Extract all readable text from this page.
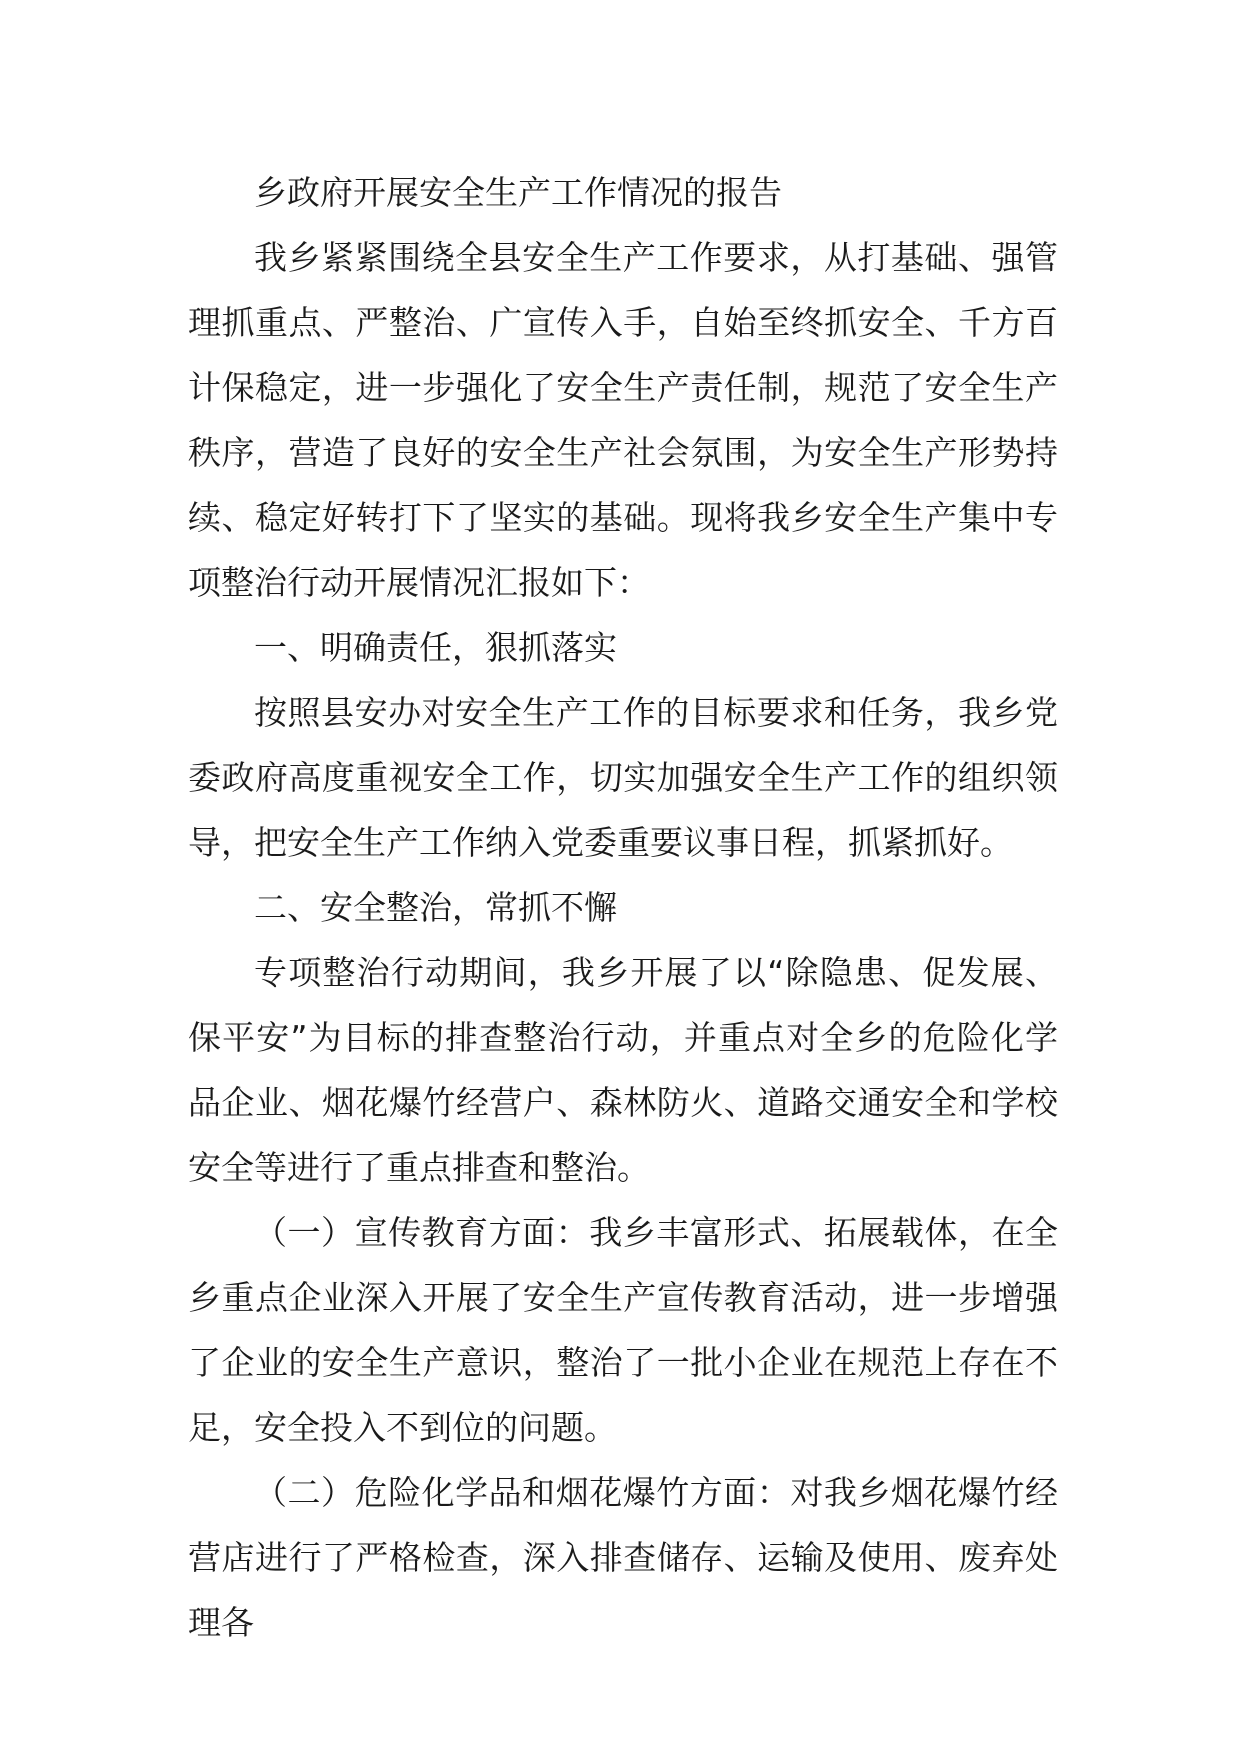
乡政府开展安全生产工作情况的报告

我乡紧紧围绕全县安全生产工作要求，从打基础、强管理抓重点、严整治、广宣传入手，自始至终抓安全、千方百计保稳定，进一步强化了安全生产责任制，规范了安全生产秩序，营造了良好的安全生产社会氛围，为安全生产形势持续、稳定好转打下了坚实的基础。现将我乡安全生产集中专项整治行动开展情况汇报如下：

一、明确责任，狠抓落实

按照县安办对安全生产工作的目标要求和任务，我乡党委政府高度重视安全工作，切实加强安全生产工作的组织领导，把安全生产工作纳入党委重要议事日程，抓紧抓好。

二、安全整治，常抓不懈

专项整治行动期间，我乡开展了以“除隐患、促发展、保平安”为目标的排查整治行动，并重点对全乡的危险化学品企业、烟花爆竹经营户、森林防火、道路交通安全和学校安全等进行了重点排查和整治。

（一）宣传教育方面：我乡丰富形式、拓展载体，在全乡重点企业深入开展了安全生产宣传教育活动，进一步增强了企业的安全生产意识，整治了一批小企业在规范上存在不足，安全投入不到位的问题。

（二）危险化学品和烟花爆竹方面：对我乡烟花爆竹经营店进行了严格检查，深入排查储存、运输及使用、废弃处理各
